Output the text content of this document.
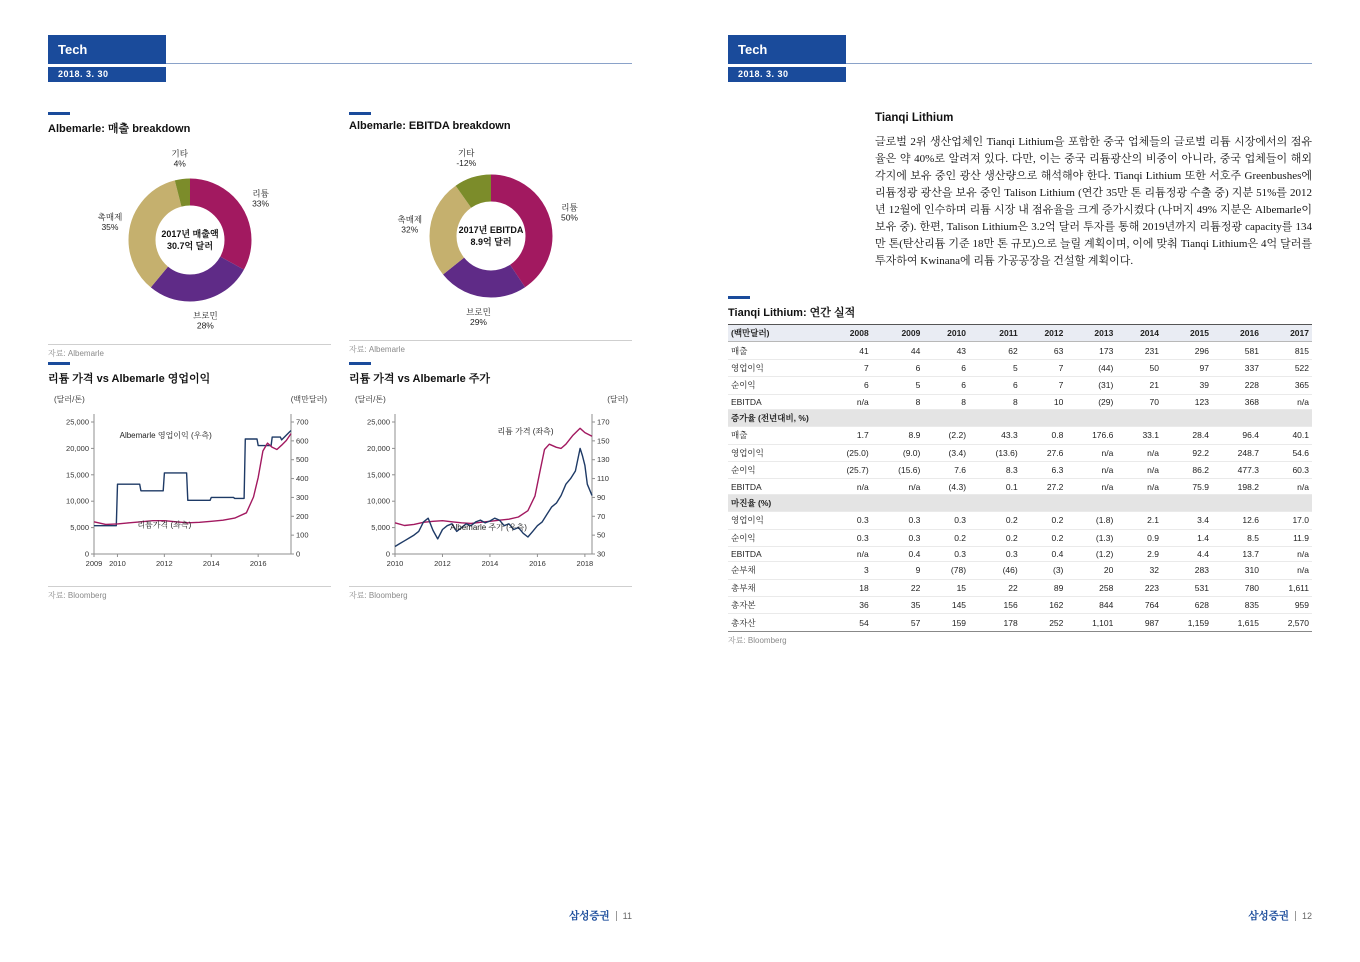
Tech
2018. 3. 30
Albemarle: 매출 breakdown
리튬 33%
브로민 28%
촉매제 35%
기타 4%
2017년 매출액 30.7억 달러
자료: Albemarle
Albemarle: EBITDA breakdown
리튬 50%
브로민 29%
촉매제 32%
기타 -12%
2017년 EBITDA 8.9억 달러
자료: Albemarle
리튬 가격 vs Albemarle 영업이익
(달러/톤)	(백만달러)
0
5,000
10,000
15,000
20,000
25,000
0
100
200
300
400
500
600
700
2009 2010	2012	2014	2016
Albemarle 영업이익 (우측)
리튬가격 (좌측)
자료: Bloomberg
리튬 가격 vs Albemarle 주가
(달러/톤)	(달러)
0
5,000
10,000
15,000
20,000
25,000
30
50
70
90
110
130
150
170
2010	2012	2014	2016	2018
리튬 가격 (좌측)
Albemarle 주가 (우측)
자료: Bloomberg
삼성증권 11
Tech
2018. 3. 30
Tianqi Lithium
글로벌 2위 생산업체인 Tianqi Lithium을 포함한 중국 업체들의 글로벌 리튬 시장에서의 점유율은 약 40%로 알려져 있다. 다만, 이는 중국 리튬광산의 비중이 아니라, 중국 업체들이 해외 각지에 보유 중인 광산 생산량으로 해석해야 한다. Tianqi Lithium 또한 서호주 Greenbushes에 리튬정광 광산을 보유 중인 Talison Lithium (연간 35만 톤 리튬정광 수출 중) 지분 51%를 2012년 12월에 인수하며 리튬 시장 내 점유율을 크게 증가시켰다 (나머지 49% 지분은 Albemarle이 보유 중). 한편, Talison Lithium은 3.2억 달러 투자를 통해 2019년까지 리튬정광 capacity를 134만 톤(탄산리튬 기준 18만 톤 규모)으로 늘릴 계획이며, 이에 맞춰 Tianqi Lithium은 4억 달러를 투자하여 Kwinana에 리튬 가공공장을 건설할 계획이다.
Tianqi Lithium: 연간 실적
(백만달러)	2008	2009	2010	2011	2012	2013	2014	2015	2016	2017
매출	41	44	43	62	63	173	231	296	581	815
영업이익	7	6	6	5	7	(44)	50	97	337	522
순이익	6	5	6	6	7	(31)	21	39	228	365
EBITDA	n/a	8	8	8	10	(29)	70	123	368	n/a
증가율 (전년대비, %)										
매출	1.7	8.9	(2.2)	43.3	0.8	176.6	33.1	28.4	96.4	40.1
영업이익	(25.0)	(9.0)	(3.4)	(13.6)	27.6	n/a	n/a	92.2	248.7	54.6
순이익	(25.7)	(15.6)	7.6	8.3	6.3	n/a	n/a	86.2	477.3	60.3
EBITDA	n/a	n/a	(4.3)	0.1	27.2	n/a	n/a	75.9	198.2	n/a
마진율 (%)										
영업이익	0.3	0.3	0.3	0.2	0.2	(1.8)	2.1	3.4	12.6	17.0
순이익	0.3	0.3	0.2	0.2	0.2	(1.3)	0.9	1.4	8.5	11.9
EBITDA	n/a	0.4	0.3	0.3	0.4	(1.2)	2.9	4.4	13.7	n/a
순부채	3	9	(78)	(46)	(3)	20	32	283	310	n/a
총부채	18	22	15	22	89	258	223	531	780	1,611
총자본	36	35	145	156	162	844	764	628	835	959
총자산	54	57	159	178	252	1,101	987	1,159	1,615	2,570
자료: Bloomberg
삼성증권 12
